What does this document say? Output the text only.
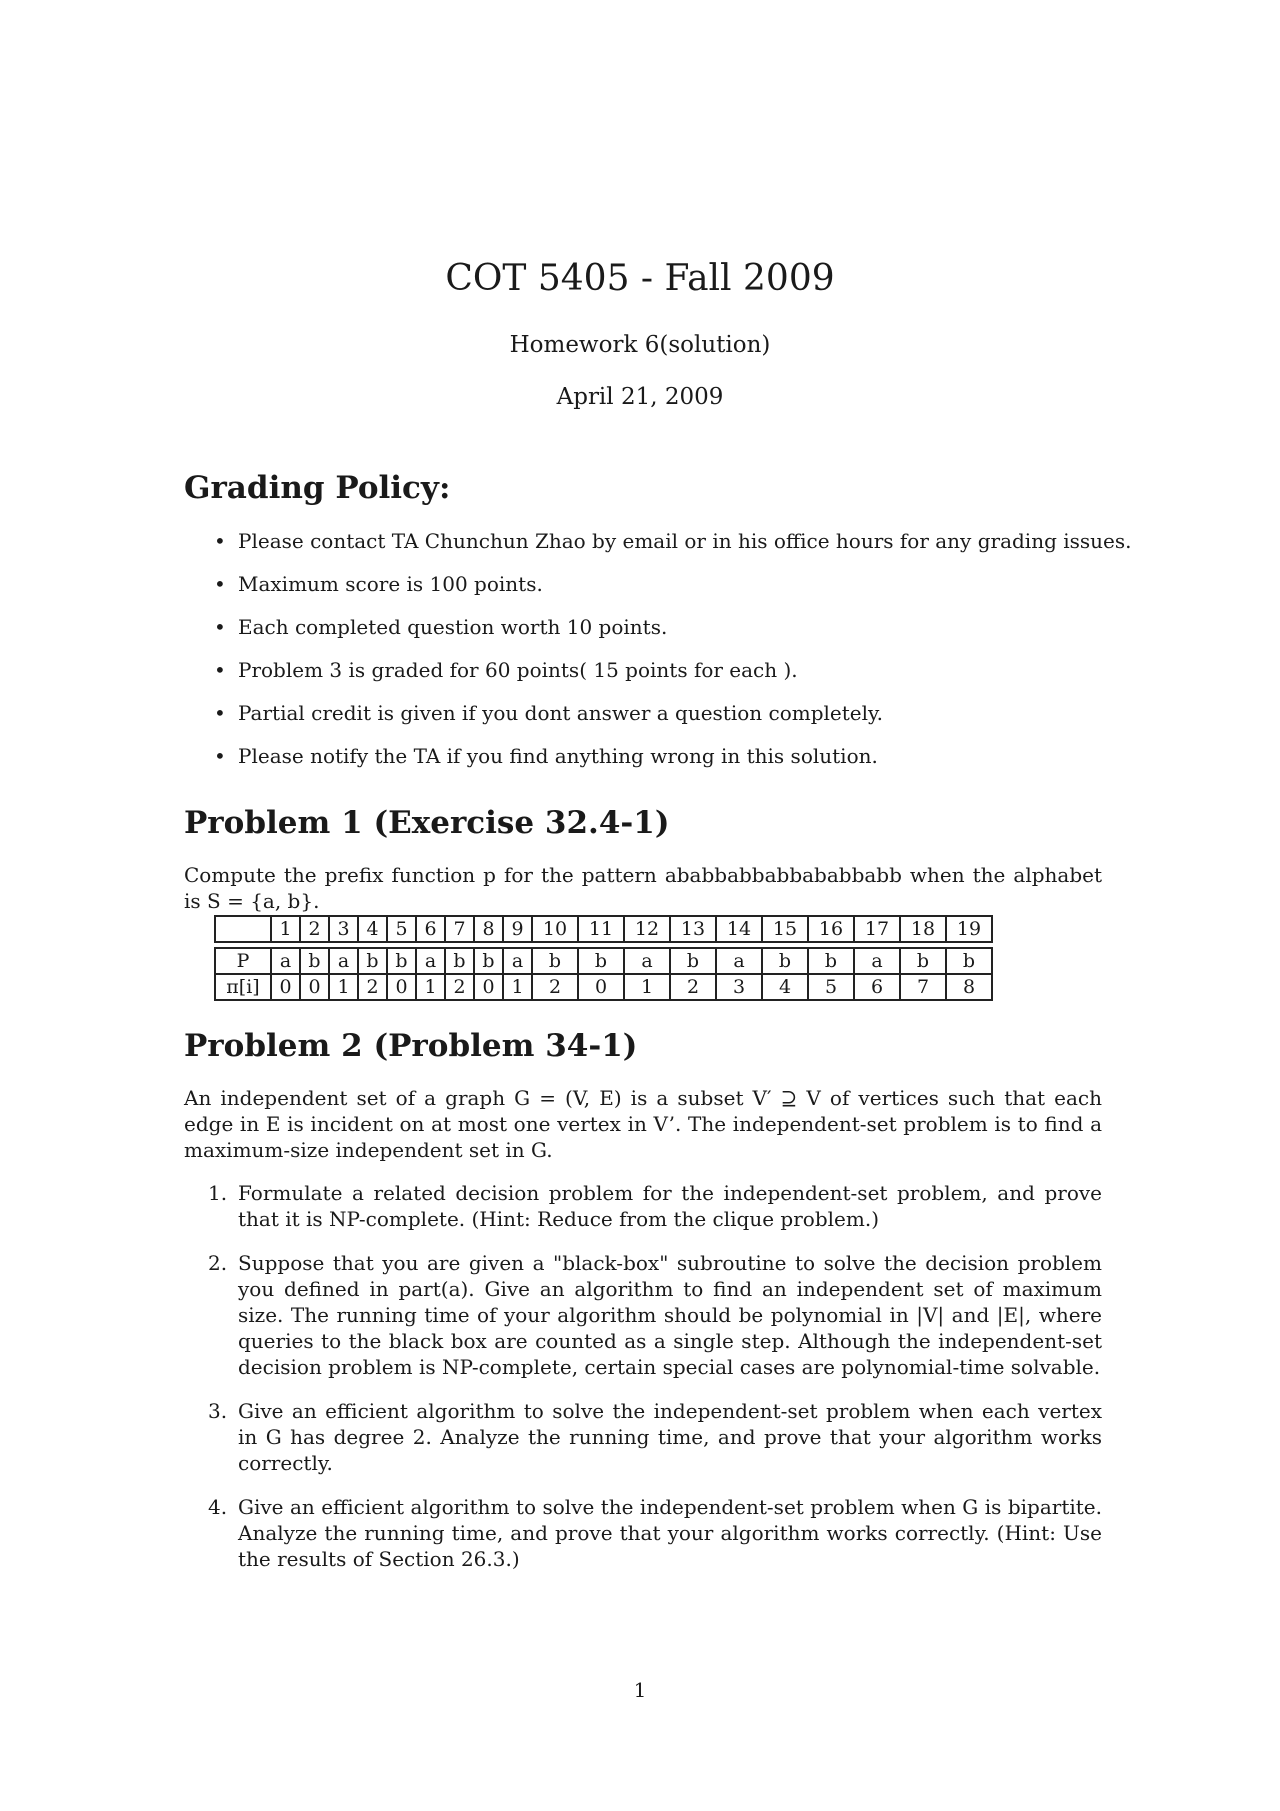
COT 5405 - Fall 2009
Homework 6(solution)
April 21, 2009
Grading Policy:
• Please contact TA Chunchun Zhao by email or in his office hours for any grading issues.
• Maximum score is 100 points.
• Each completed question worth 10 points.
• Problem 3 is graded for 60 points( 15 points for each ).
• Partial credit is given if you dont answer a question completely.
• Please notify the TA if you find anything wrong in this solution.
Problem 1 (Exercise 32.4-1)
Compute the prefix function p for the pattern ababbabbabbababbabb when the alphabet is S = {a, b}.
	1	2	3	4	5	6	7	8	9	10	11	12	13	14	15	16	17	18	19

P	a	b	a	b	b	a	b	b	a	b	b	a	b	a	b	b	a	b	b
π[i]	0	0	1	2	0	1	2	0	1	2	0	1	2	3	4	5	6	7	8
Problem 2 (Problem 34-1)
An independent set of a graph G = (V, E) is a subset V′ ⊇ V of vertices such that each edge in E is incident on at most one vertex in V’. The independent-set problem is to find a maximum-size independent set in G.
1. Formulate a related decision problem for the independent-set problem, and prove that it is NP-complete. (Hint: Reduce from the clique problem.)
2. Suppose that you are given a "black-box" subroutine to solve the decision problem you defined in part(a). Give an algorithm to find an independent set of maximum size. The running time of your algorithm should be polynomial in |V| and |E|, where queries to the black box are counted as a single step. Although the independent-set decision problem is NP-complete, certain special cases are polynomial-time solvable.
3. Give an efficient algorithm to solve the independent-set problem when each vertex in G has degree 2. Analyze the running time, and prove that your algorithm works correctly.
4. Give an efficient algorithm to solve the independent-set problem when G is bipartite. Analyze the running time, and prove that your algorithm works correctly. (Hint: Use the results of Section 26.3.)
1
